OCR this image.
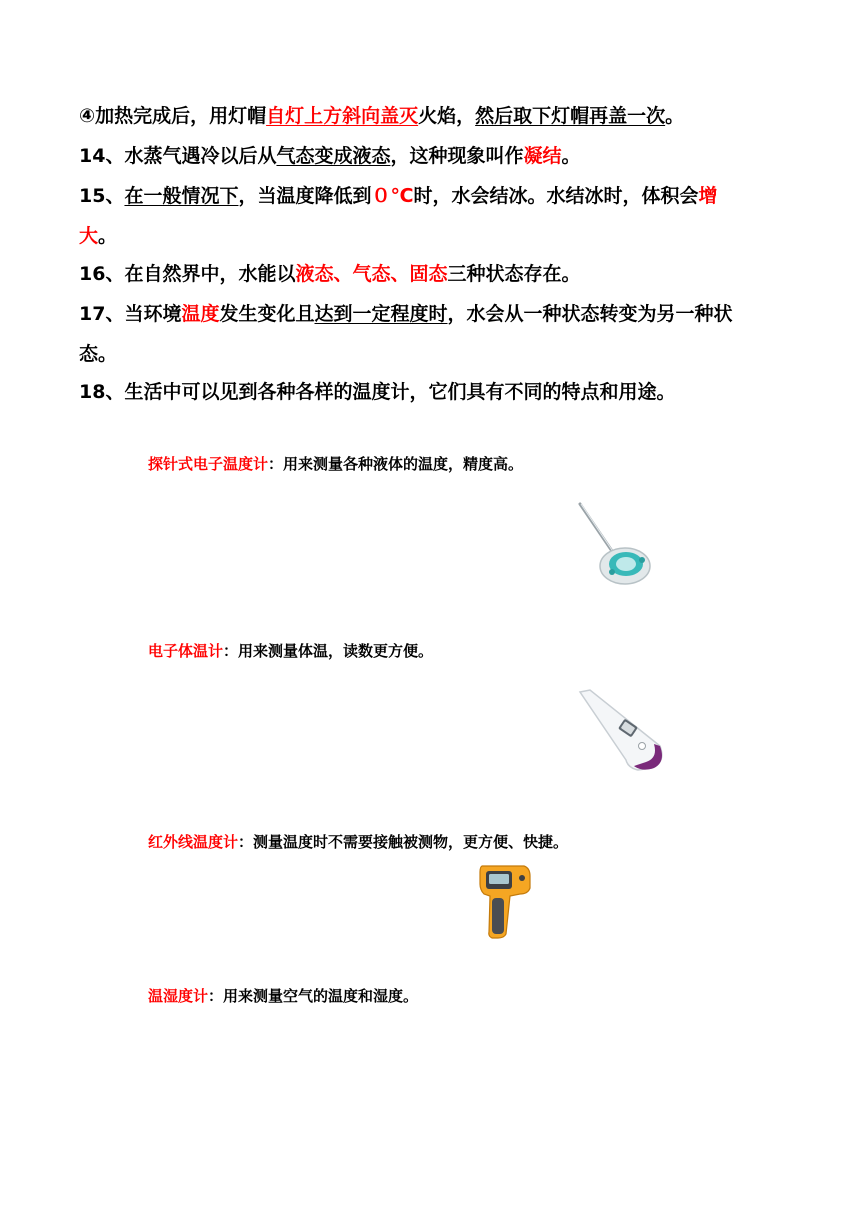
④加热完成后，用灯帽自灯上方斜向盖灭火焰，然后取下灯帽再盖一次。
14、水蒸气遇冷以后从气态变成液态，这种现象叫作凝结。
15、在一般情况下，当温度降低到０℃时，水会结冰。水结冰时，体积会增
大。
16、在自然界中，水能以液态、气态、固态三种状态存在。
17、当环境温度发生变化且达到一定程度时，水会从一种状态转变为另一种状
态。
18、生活中可以见到各种各样的温度计，它们具有不同的特点和用途。
探针式电子温度计：用来测量各种液体的温度，精度高。
电子体温计：用来测量体温，读数更方便。
红外线温度计：测量温度时不需要接触被测物，更方便、快捷。
温湿度计：用来测量空气的温度和湿度。
